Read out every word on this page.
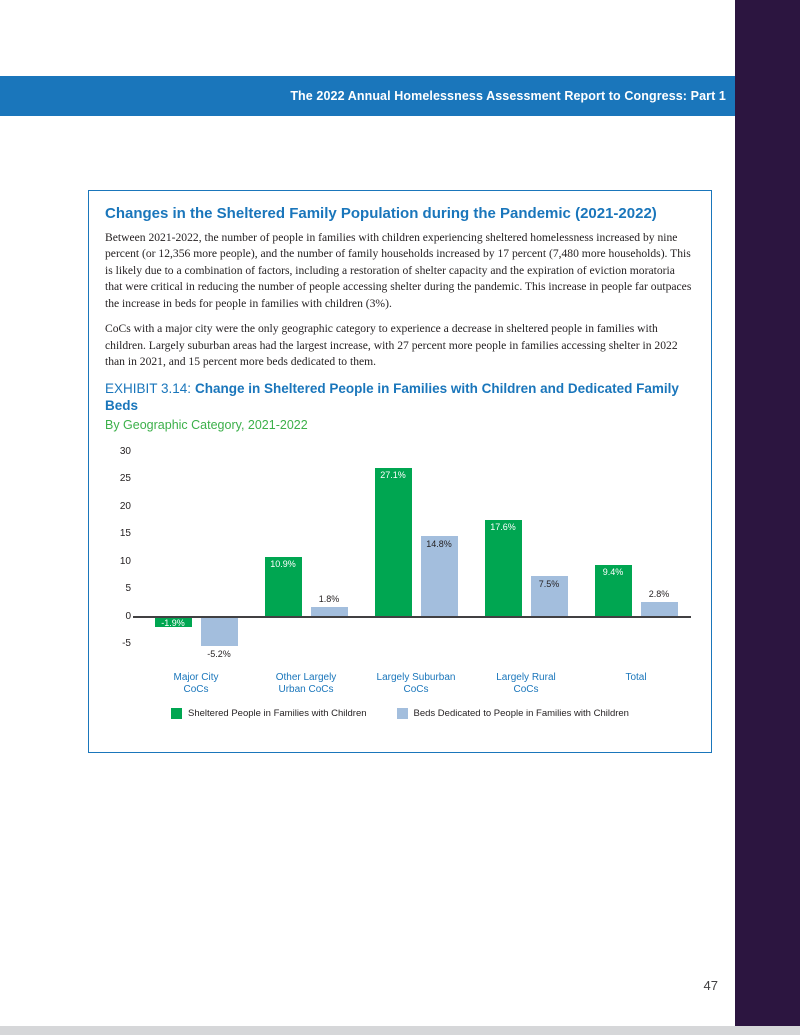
The 2022 Annual Homelessness Assessment Report to Congress: Part 1
Changes in the Sheltered Family Population during the Pandemic (2021-2022)

Between 2021-2022, the number of people in families with children experiencing sheltered homelessness increased by nine percent (or 12,356 more people), and the number of family households increased by 17 percent (7,480 more households). This is likely due to a combination of factors, including a restoration of shelter capacity and the expiration of eviction moratoria that were critical in reducing the number of people accessing shelter during the pandemic. This increase in people far outpaces the increase in beds for people in families with children (3%).

CoCs with a major city were the only geographic category to experience a decrease in sheltered people in families with children. Largely suburban areas had the largest increase, with 27 percent more people in families accessing shelter in 2022 than in 2021, and 15 percent more beds dedicated to them.

EXHIBIT 3.14: Change in Sheltered People in Families with Children and Dedicated Family Beds
By Geographic Category, 2021-2022
30
25
20
15
10
5
0
-5
-1.9%
10.9%
27.1%
17.6%
9.4%
-5.2%
1.8%
14.8%
7.5%
2.8%
Major City
CoCs
Other Largely
Urban CoCs
Largely Suburban
CoCs
Largely Rural
CoCs
Total
Sheltered People in Families with Children	Beds Dedicated to People in Families with Children
47
